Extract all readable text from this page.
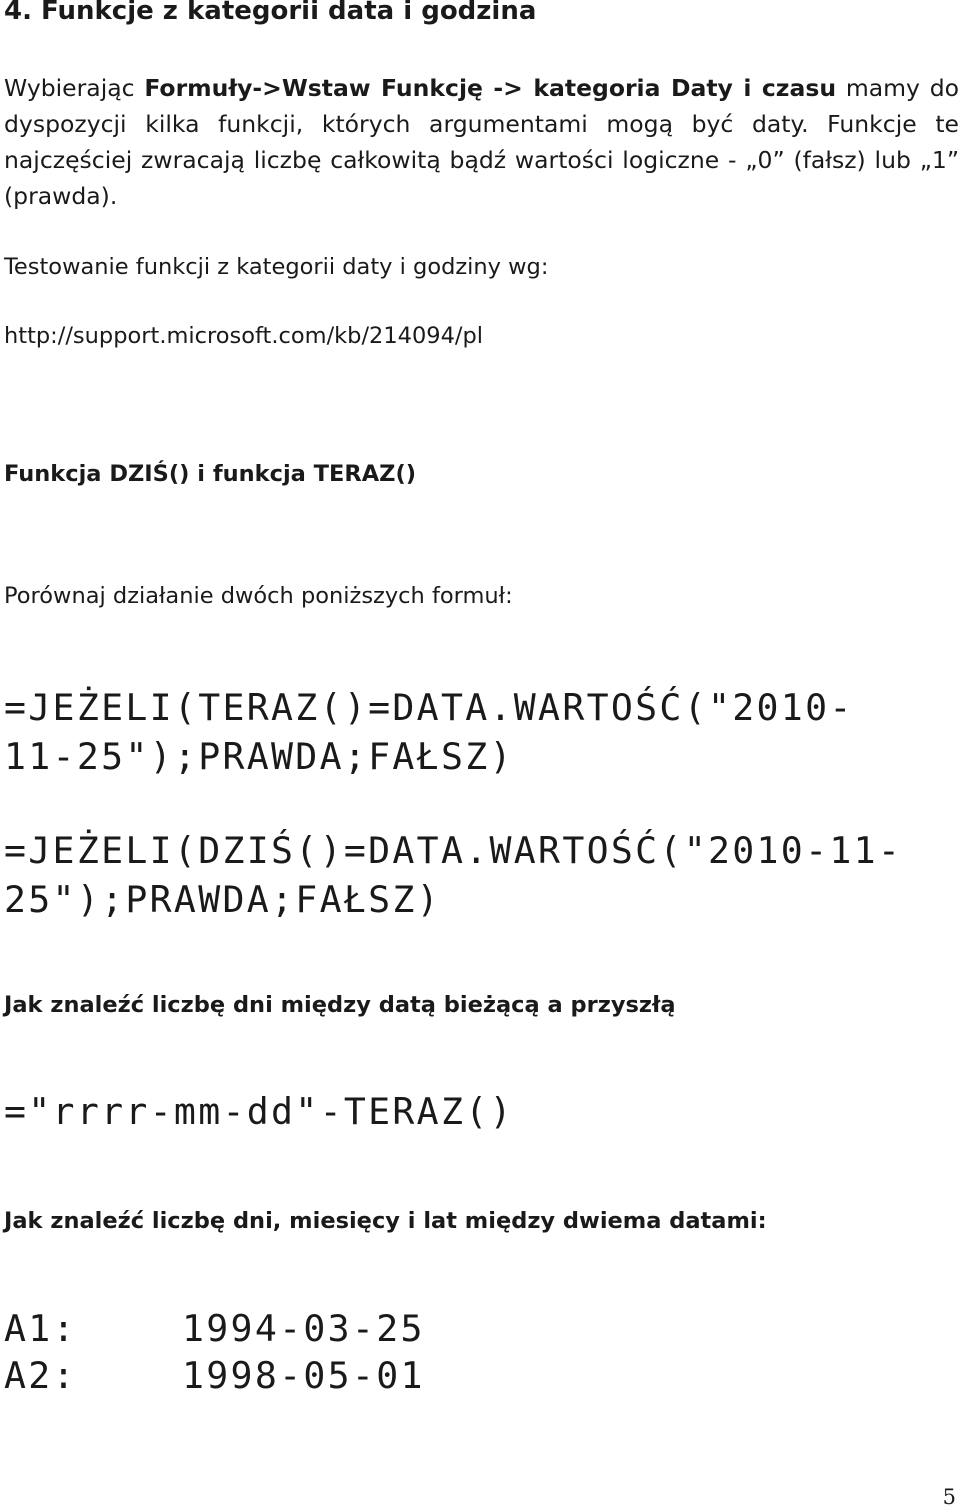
4. Funkcje z kategorii data i godzina

Wybierając Formuły->Wstaw Funkcję -> kategoria Daty i czasu mamy do dyspozycji kilka funkcji, których argumentami mogą być daty. Funkcje te najczęściej zwracają liczbę całkowitą bądź wartości logiczne - „0” (fałsz) lub „1” (prawda).

Testowanie funkcji z kategorii daty i godziny wg:
http://support.microsoft.com/kb/214094/pl
Funkcja DZIŚ() i funkcja TERAZ()
Porównaj działanie dwóch poniższych formuł:
=JEŻELI(TERAZ()=DATA.WARTOŚĆ("2010-
11-25");PRAWDA;FAŁSZ)
=JEŻELI(DZIŚ()=DATA.WARTOŚĆ("2010-11-
25");PRAWDA;FAŁSZ)
Jak znaleźć liczbę dni między datą bieżącą a przyszłą
="rrrr-mm-dd"-TERAZ()
Jak znaleźć liczbę dni, miesięcy i lat między dwiema datami:
A1:	1994-03-25
A2:	1998-05-01
5
